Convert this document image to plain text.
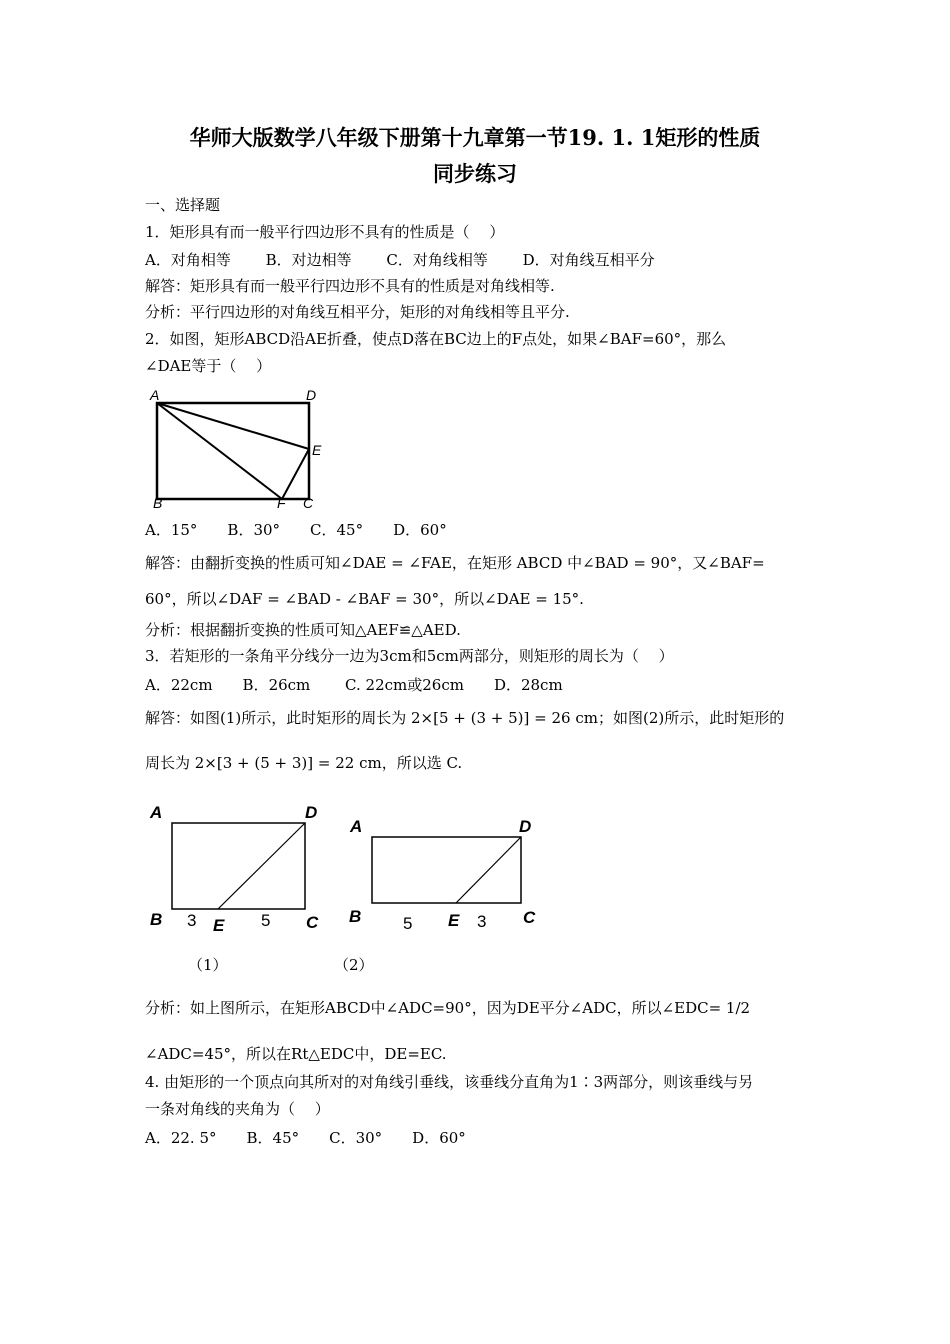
华师大版数学八年级下册第十九章第一节19. 1. 1矩形的性质
同步练习
一、选择题
1．矩形具有而一般平行四边形不具有的性质是（　 ）
A．对角相等　　 B．对边相等　　 C．对角线相等　　 D．对角线互相平分
解答：矩形具有而一般平行四边形不具有的性质是对角线相等.
分析：平行四边形的对角线互相平分，矩形的对角线相等且平分.
2．如图，矩形ABCD沿AE折叠，使点D落在BC边上的F点处，如果∠BAF=60°，那么
∠DAE等于（　 ）
A	D
E
B	F C
A．15°　　B．30°　　C．45°　　D．60°
解答：由翻折变换的性质可知∠DAE = ∠FAE，在矩形 ABCD 中∠BAD = 90°，又∠BAF=
60°，所以∠DAF = ∠BAD - ∠BAF = 30°，所以∠DAE = 15°.
分析：根据翻折变换的性质可知△AEF≌△AED.
3．若矩形的一条角平分线分一边为3cm和5cm两部分，则矩形的周长为（　 ）
A．22cm　　B．26cm　　 C. 22cm或26cm　　D．28cm
解答：如图(1)所示，此时矩形的周长为 2×[5 + (3 + 5)] = 26 cm；如图(2)所示，此时矩形的
周长为 2×[3 + (5 + 3)] = 22 cm，所以选 C.
A	D
B 3 E 5 C
A	D
B 5 E 3 C
（1）	（2）
分析：如上图所示，在矩形ABCD中∠ADC=90°，因为DE平分∠ADC，所以∠EDC= 1/2
∠ADC=45°，所以在Rt△EDC中，DE=EC.
4. 由矩形的一个顶点向其所对的对角线引垂线，该垂线分直角为1∶3两部分，则该垂线与另
一条对角线的夹角为（　 ）
A．22. 5°　　B．45°　　C．30°　　D．60°
